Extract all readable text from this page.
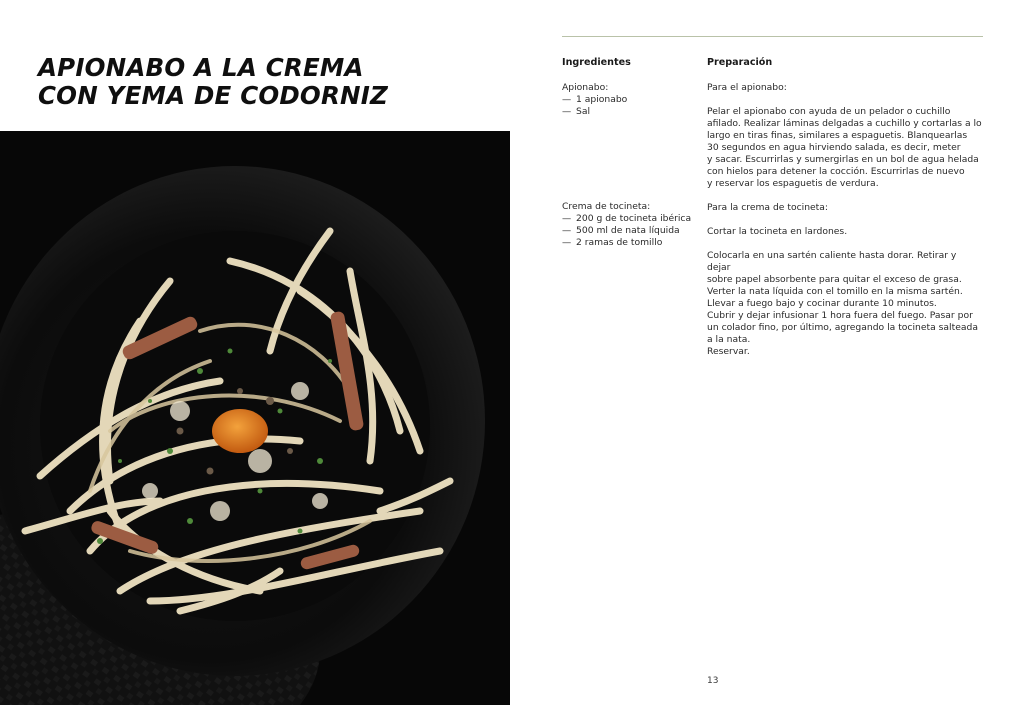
APIONABO A LA CREMA
CON YEMA DE CODORNIZ
Ingredientes	Preparación
Apionabo:
— 1 apionabo
— Sal
Crema de tocineta:
— 200 g de tocineta ibérica
— 500 ml de nata líquida
— 2 ramas de tomillo

Para el apionabo:

Pelar el apionabo con ayuda de un pelador o cuchillo

afilado. Realizar láminas delgadas a cuchillo y cortarlas a lo

largo en tiras finas, similares a espaguetis. Blanquearlas

30 segundos en agua hirviendo salada, es decir, meter

y sacar. Escurrirlas y sumergirlas en un bol de agua helada

con hielos para detener la cocción. Escurrirlas de nuevo

y reservar los espaguetis de verdura.

Para la crema de tocineta:

Cortar la tocineta en lardones.

Colocarla en una sartén caliente hasta dorar. Retirar y dejar

sobre papel absorbente para quitar el exceso de grasa.

Verter la nata líquida con el tomillo en la misma sartén.

Llevar a fuego bajo y cocinar durante 10 minutos.

Cubrir y dejar infusionar 1 hora fuera del fuego. Pasar por

un colador fino, por último, agregando la tocineta salteada

a la nata.

Reservar.

13
